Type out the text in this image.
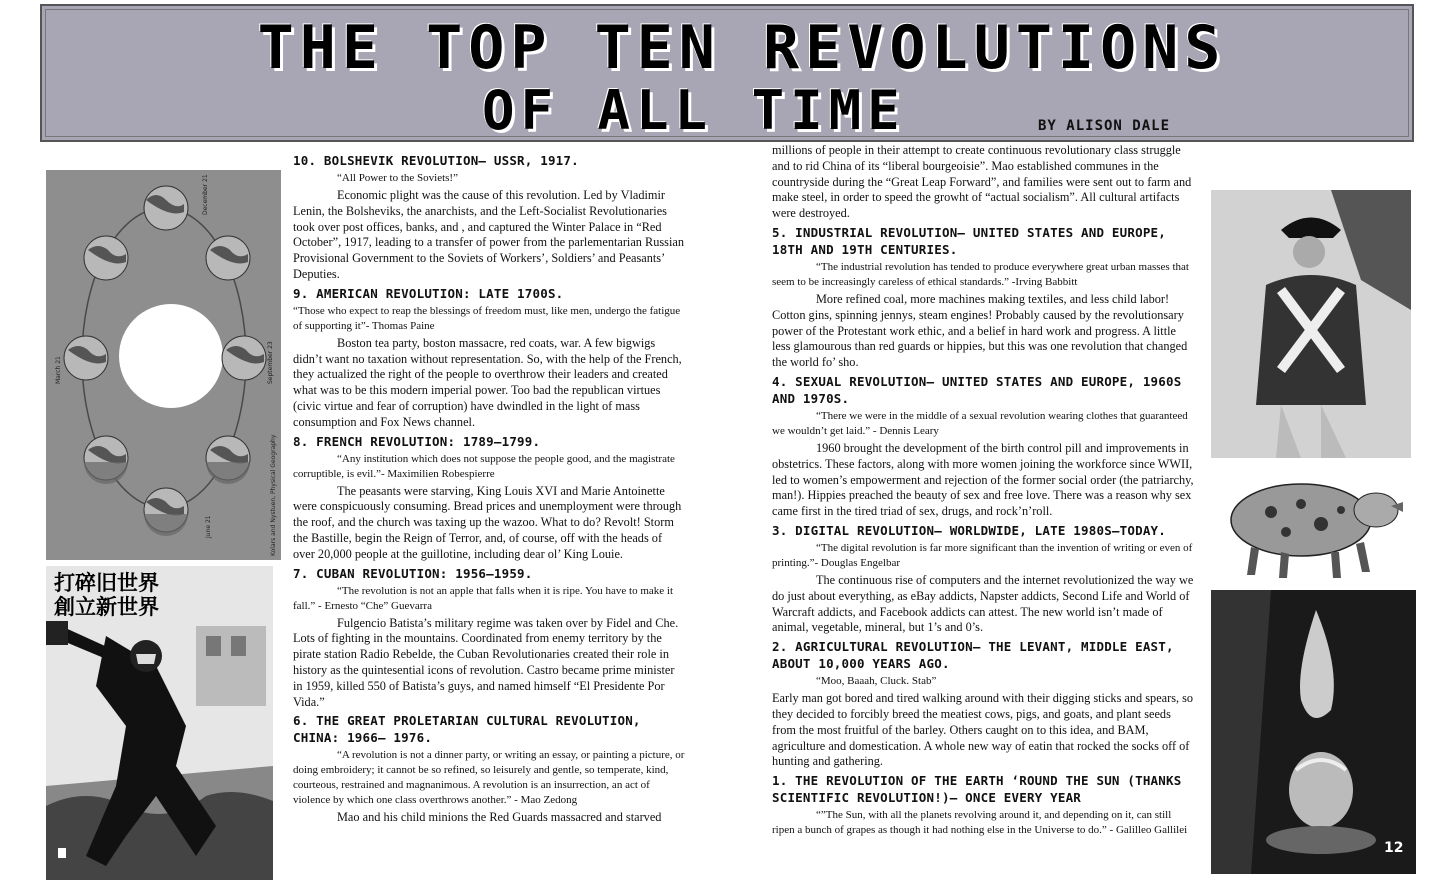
THE TOP TEN REVOLUTIONS
OF ALL TIME	BY ALISON DALE
December 21
March 21	September 23
June 21	Kolars and Nystuen, Physical Geography
打碎旧世界
創立新世界
10. BOLSHEVIK REVOLUTION– USSR, 1917.

“All Power to the Soviets!”

Economic plight was the cause of this revolution. Led by Vladimir Lenin, the Bolsheviks, the anarchists, and the Left-Socialist Revolutionaries took over post offices, banks, and , and captured the Winter Palace in “Red October”, 1917, leading to a transfer of power from the parlementarian Russian Provisional Government to the Soviets of Workers’, Soldiers’ and Peasants’ Deputies.

9. AMERICAN REVOLUTION: LATE 1700S.

“Those who expect to reap the blessings of freedom must, like men, undergo the fatigue of supporting it”- Thomas Paine

Boston tea party, boston massacre, red coats, war. A few bigwigs didn’t want no taxation without representation. So, with the help of the French, they actualized the right of the people to overthrow their leaders and created what was to be this modern imperial power. Too bad the republican virtues (civic virtue and fear of corruption) have dwindled in the light of mass consumption and Fox News channel.

8. FRENCH REVOLUTION: 1789–1799.

“Any institution which does not suppose the people good, and the magistrate corruptible, is evil.”- Maximilien Robespierre

The peasants were starving, King Louis XVI and Marie Antoinette were conspicuously consuming. Bread prices and unemployment were through the roof, and the church was taxing up the wazoo. What to do? Revolt! Storm the Bastille, begin the Reign of Terror, and, of course, off with the heads of over 20,000 people at the guillotine, including dear ol’ King Louie.

7. CUBAN REVOLUTION: 1956–1959.

“The revolution is not an apple that falls when it is ripe. You have to make it fall.” - Ernesto “Che” Guevarra

Fulgencio Batista’s military regime was taken over by Fidel and Che. Lots of fighting in the mountains. Coordinated from enemy territory by the pirate station Radio Rebelde, the Cuban Revolutionaries created their role in history as the quintesential icons of revolution. Castro became prime minister in 1959, killed 550 of Batista’s guys, and named himself “El Presidente Por Vida.”

6. THE GREAT PROLETARIAN CULTURAL REVOLUTION, CHINA: 1966– 1976.

“A revolution is not a dinner party, or writing an essay, or painting a picture, or doing embroidery; it cannot be so refined, so leisurely and gentle, so temperate, kind, courteous, restrained and magnanimous. A revolution is an insurrection, an act of violence by which one class overthrows another.” - Mao Zedong

Mao and his child minions the Red Guards massacred and starved

millions of people in their attempt to create continuous revolutionary class struggle and to rid China of its “liberal bourgeoisie”. Mao established communes in the countryside during the “Great Leap Forward”, and families were sent out to farm and make steel, in order to speed the growht of “actual socialism”. All cultural artifacts were destroyed.

5. INDUSTRIAL REVOLUTION– UNITED STATES AND EUROPE, 18TH AND 19TH CENTURIES.

“The industrial revolution has tended to produce everywhere great urban masses that seem to be increasingly careless of ethical standards.” -Irving Babbitt

More refined coal, more machines making textiles, and less child labor! Cotton gins, spinning jennys, steam engines! Probably caused by the revolutionsary power of the Protestant work ethic, and a belief in hard work and progress. A little less glamourous than red guards or hippies, but this was one revolution that changed the world fo’ sho.

4. SEXUAL REVOLUTION– UNITED STATES AND EUROPE, 1960S AND 1970S.

“There we were in the middle of a sexual revolution wearing clothes that guaranteed we wouldn’t get laid.” - Dennis Leary

1960 brought the development of the birth control pill and improvements in obstetrics. These factors, along with more women joining the workforce since WWII, led to women’s empowerment and rejection of the former social order (the patriarchy, man!). Hippies preached the beauty of sex and free love. There was a reason why sex came first in the tired triad of sex, drugs, and rock’n’roll.

3. DIGITAL REVOLUTION– WORLDWIDE, LATE 1980S–TODAY.

“The digital revolution is far more significant than the invention of writing or even of printing.”- Douglas Engelbar

The continuous rise of computers and the internet revolutionized the way we do just about everything, as eBay addicts, Napster addicts, Second Life and World of Warcraft addicts, and Facebook addicts can attest. The new world isn’t made of animal, vegetable, mineral, but 1’s and 0’s.

2. AGRICULTURAL REVOLUTION– THE LEVANT, MIDDLE EAST, ABOUT 10,000 YEARS AGO.

“Moo, Baaah, Cluck. Stab”

Early man got bored and tired walking around with their digging sticks and spears, so they decided to forcibly breed the meatiest cows, pigs, and goats, and plant seeds from the most fruitful of the barley. Others caught on to this idea, and BAM, agriculture and domestication. A whole new way of eatin that rocked the socks off of hunting and gathering.

1. THE REVOLUTION OF THE EARTH ‘ROUND THE SUN (THANKS SCIENTIFIC REVOLUTION!)– ONCE EVERY YEAR

“”The Sun, with all the planets revolving around it, and depending on it, can still ripen a bunch of grapes as though it had nothing else in the Universe to do.” - Galilleo Gallilei

12
